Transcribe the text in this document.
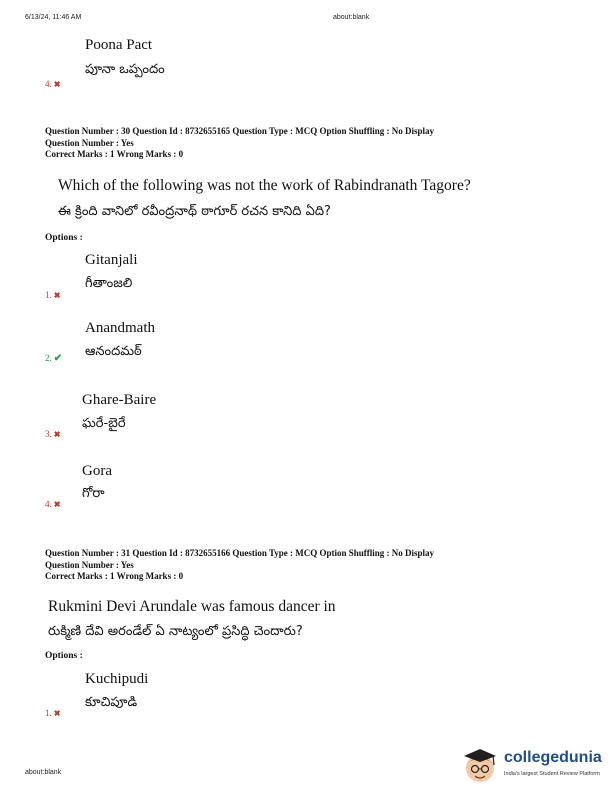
6/13/24, 11:46 AM	about:blank
Poona Pact
పూనా ఒప్పందం
4. ✖
Question Number : 30 Question Id : 8732655165 Question Type : MCQ Option Shuffling : No Display
Question Number : Yes
Correct Marks : 1 Wrong Marks : 0
Which of the following was not the work of Rabindranath Tagore?
ఈ క్రింది వానిలో రవీంద్రనాథ్ ఠాగూర్ రచన కానిది ఏది?
Options :
Gitanjali
గీతాంజలి
1. ✖
Anandmath
ఆనందమఠ్
2. ✔
Ghare-Baire
ఘరే-బైరే
3. ✖
Gora
గోరా
4. ✖
Question Number : 31 Question Id : 8732655166 Question Type : MCQ Option Shuffling : No Display
Question Number : Yes
Correct Marks : 1 Wrong Marks : 0
Rukmini Devi Arundale was famous dancer in
రుక్మిణి దేవి అరండేల్ ఏ నాట్యంలో ప్రసిద్ధి చెందారు?
Options :
Kuchipudi
కూచిపూడి
1. ✖
about:blank
collegedunia
India's largest Student Review Platform
